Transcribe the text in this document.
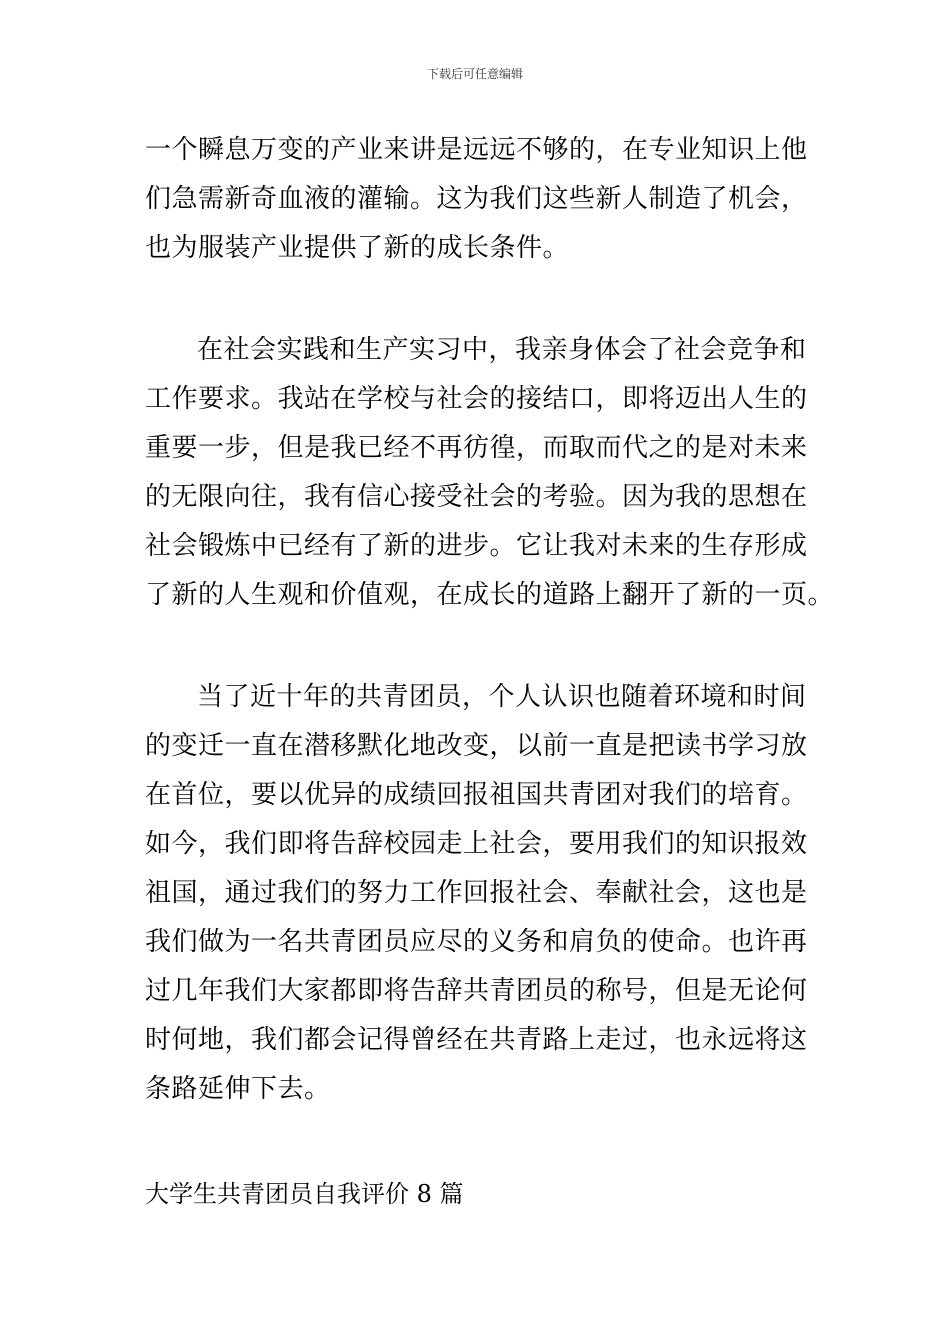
下载后可任意编辑
一个瞬息万变的产业来讲是远远不够的，在专业知识上他
们急需新奇血液的灌输。这为我们这些新人制造了机会，
也为服装产业提供了新的成长条件。
在社会实践和生产实习中，我亲身体会了社会竞争和
工作要求。我站在学校与社会的接结口，即将迈出人生的
重要一步，但是我已经不再彷徨，而取而代之的是对未来
的无限向往，我有信心接受社会的考验。因为我的思想在
社会锻炼中已经有了新的进步。它让我对未来的生存形成
了新的人生观和价值观，在成长的道路上翻开了新的一页。
当了近十年的共青团员，个人认识也随着环境和时间
的变迁一直在潜移默化地改变，以前一直是把读书学习放
在首位，要以优异的成绩回报祖国共青团对我们的培育。
如今，我们即将告辞校园走上社会，要用我们的知识报效
祖国，通过我们的努力工作回报社会、奉献社会，这也是
我们做为一名共青团员应尽的义务和肩负的使命。也许再
过几年我们大家都即将告辞共青团员的称号，但是无论何
时何地，我们都会记得曾经在共青路上走过，也永远将这
条路延伸下去。
大学生共青团员自我评价 8 篇
